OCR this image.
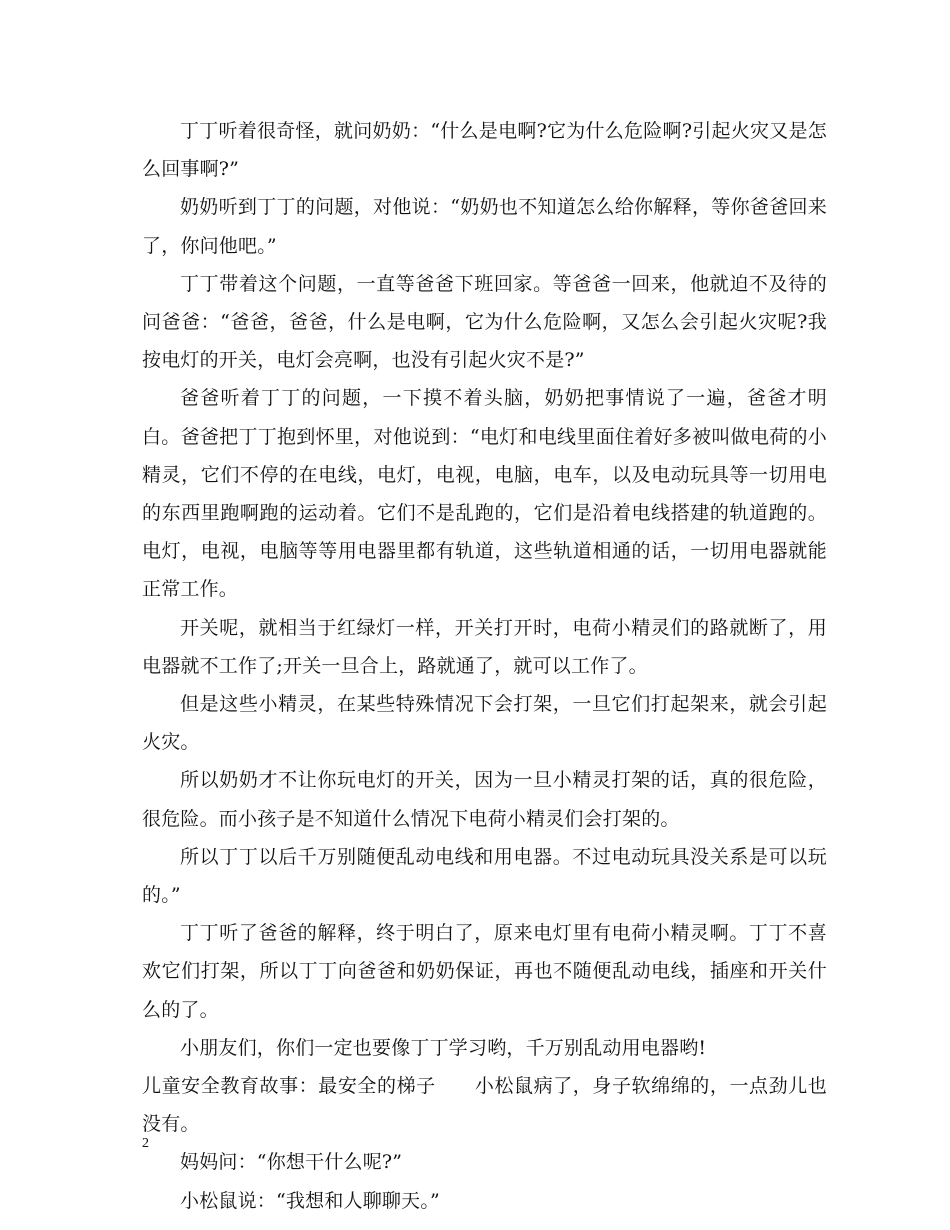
丁丁听着很奇怪，就问奶奶：“什么是电啊?它为什么危险啊?引起火灾又是怎么回事啊?”

奶奶听到丁丁的问题，对他说：“奶奶也不知道怎么给你解释，等你爸爸回来了，你问他吧。”

丁丁带着这个问题，一直等爸爸下班回家。等爸爸一回来，他就迫不及待的问爸爸：“爸爸，爸爸，什么是电啊，它为什么危险啊，又怎么会引起火灾呢?我按电灯的开关，电灯会亮啊，也没有引起火灾不是?”

爸爸听着丁丁的问题，一下摸不着头脑，奶奶把事情说了一遍，爸爸才明白。爸爸把丁丁抱到怀里，对他说到：“电灯和电线里面住着好多被叫做电荷的小精灵，它们不停的在电线，电灯，电视，电脑，电车，以及电动玩具等一切用电的东西里跑啊跑的运动着。它们不是乱跑的，它们是沿着电线搭建的轨道跑的。电灯，电视，电脑等等用电器里都有轨道，这些轨道相通的话，一切用电器就能正常工作。

开关呢，就相当于红绿灯一样，开关打开时，电荷小精灵们的路就断了，用电器就不工作了;开关一旦合上，路就通了，就可以工作了。

但是这些小精灵，在某些特殊情况下会打架，一旦它们打起架来，就会引起火灾。

所以奶奶才不让你玩电灯的开关，因为一旦小精灵打架的话，真的很危险，很危险。而小孩子是不知道什么情况下电荷小精灵们会打架的。

所以丁丁以后千万别随便乱动电线和用电器。不过电动玩具没关系是可以玩的。”

丁丁听了爸爸的解释，终于明白了，原来电灯里有电荷小精灵啊。丁丁不喜欢它们打架，所以丁丁向爸爸和奶奶保证，再也不随便乱动电线，插座和开关什么的了。

小朋友们，你们一定也要像丁丁学习哟，千万别乱动用电器哟!

儿童安全教育故事：最安全的梯子　　小松鼠病了，身子软绵绵的，一点劲儿也没有。

妈妈问：“你想干什么呢?”

小松鼠说：“我想和人聊聊天。”

2
